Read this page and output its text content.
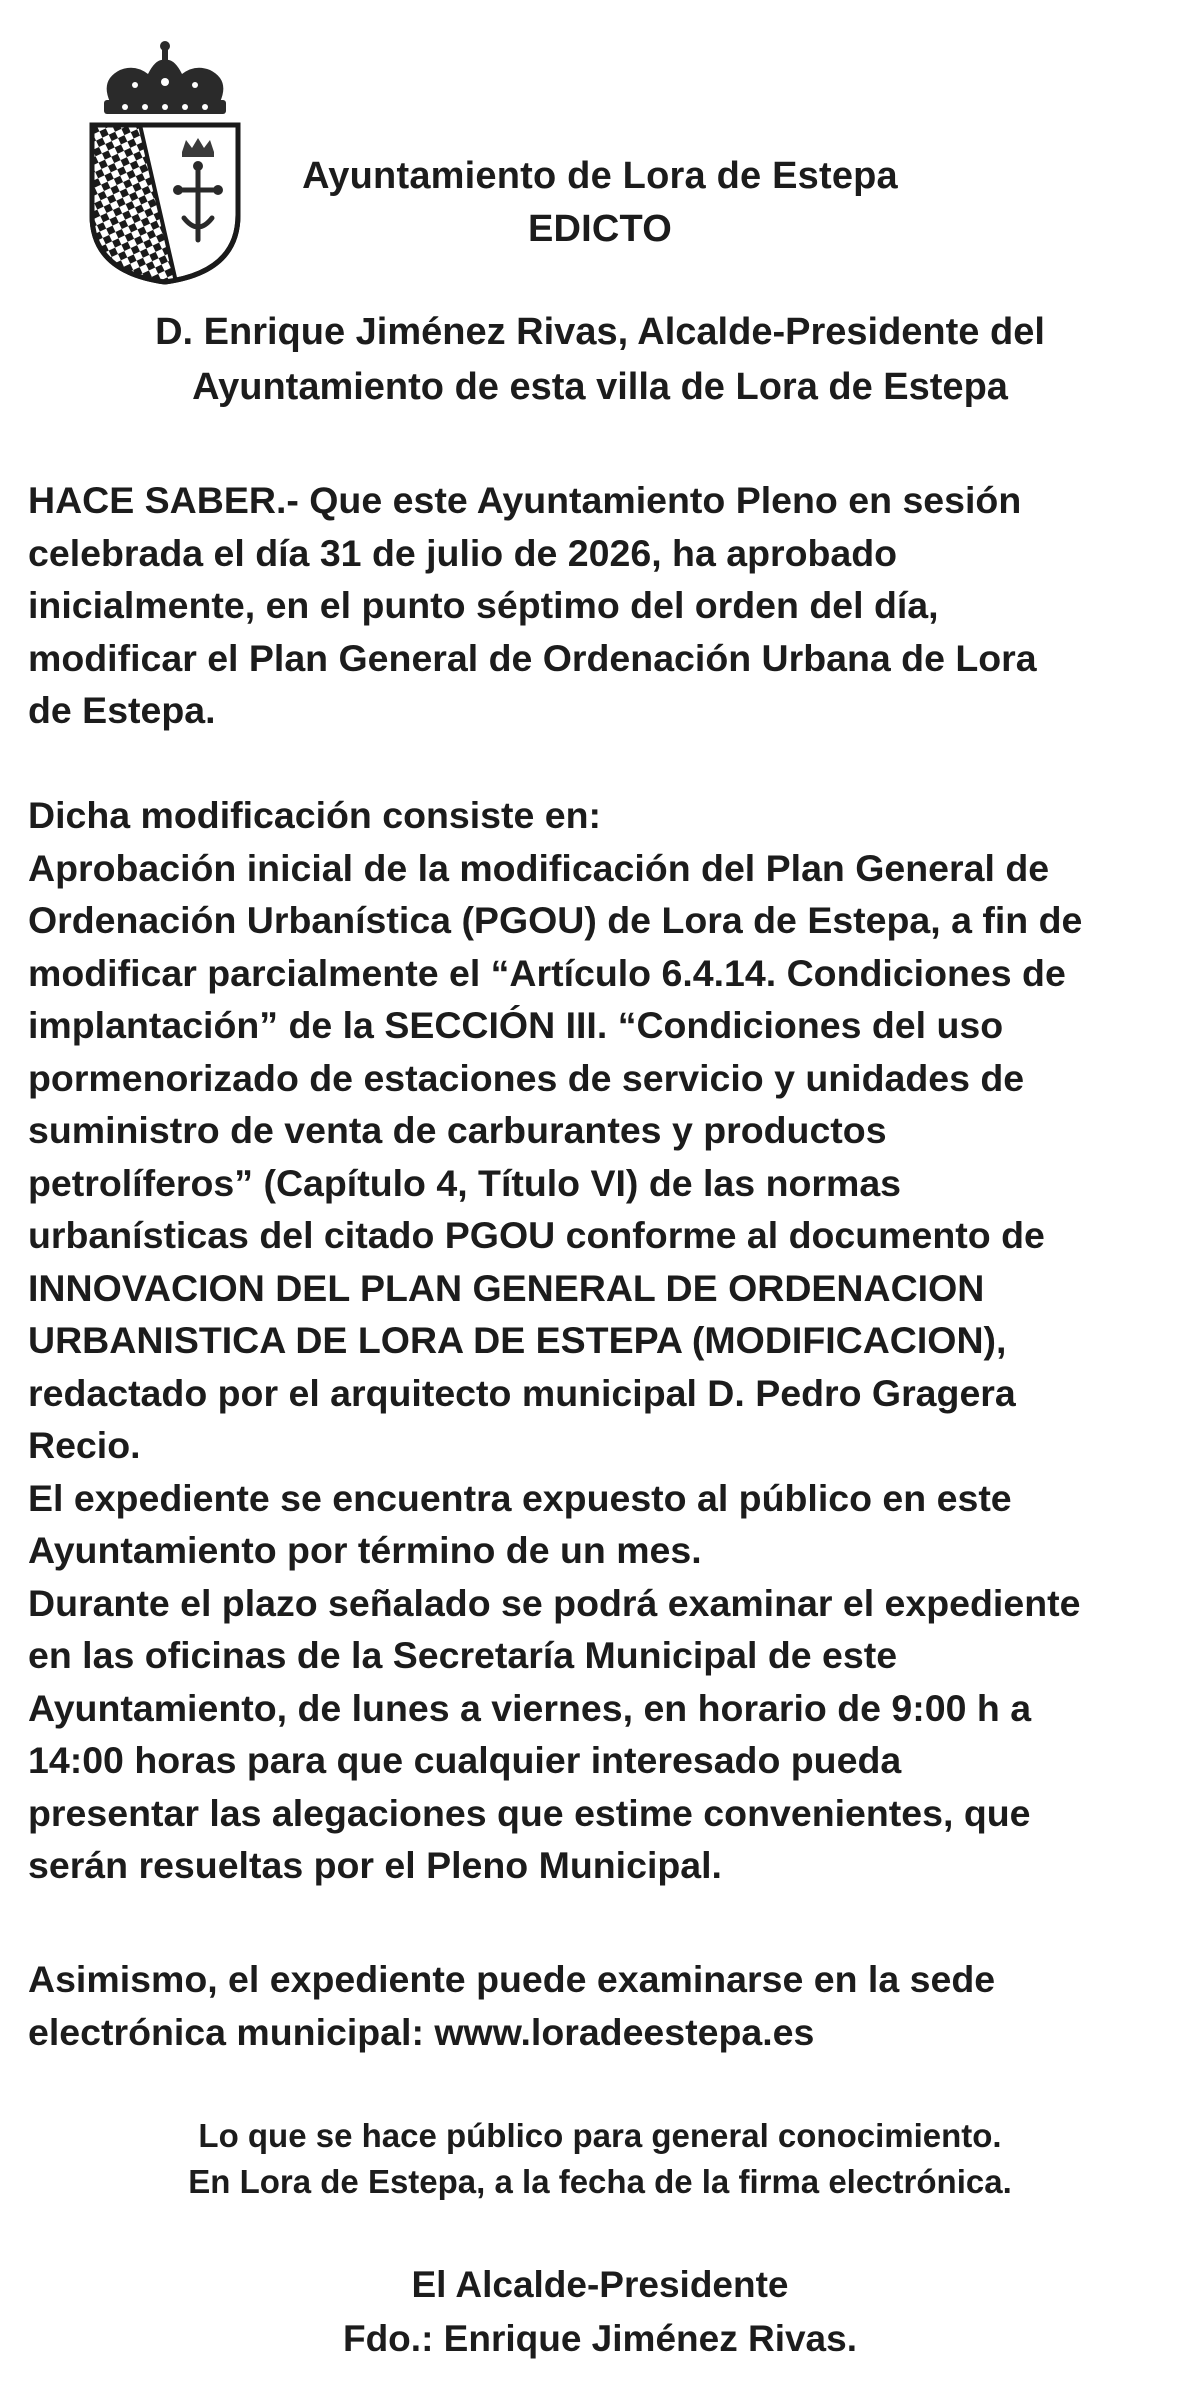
Ayuntamiento de Lora de Estepa
EDICTO
D. Enrique Jiménez Rivas, Alcalde-Presidente del
Ayuntamiento de esta villa de Lora de Estepa
HACE SABER.- Que este Ayuntamiento Pleno en sesión
celebrada el día 31 de julio de 2026, ha aprobado
inicialmente, en el punto séptimo del orden del día,
modificar el Plan General de Ordenación Urbana de Lora
de Estepa.
Dicha modificación consiste en:
Aprobación inicial de la modificación del Plan General de
Ordenación Urbanística (PGOU) de Lora de Estepa, a fin de
modificar parcialmente el “Artículo 6.4.14. Condiciones de
implantación” de la SECCIÓN III. “Condiciones del uso
pormenorizado de estaciones de servicio y unidades de
suministro de venta de carburantes y productos
petrolíferos” (Capítulo 4, Título VI) de las normas
urbanísticas del citado PGOU conforme al documento de
INNOVACION DEL PLAN GENERAL DE ORDENACION
URBANISTICA DE LORA DE ESTEPA (MODIFICACION),
redactado por el arquitecto municipal D. Pedro Gragera
Recio.
El expediente se encuentra expuesto al público en este
Ayuntamiento por término de un mes.
Durante el plazo señalado se podrá examinar el expediente
en las oficinas de la Secretaría Municipal de este
Ayuntamiento, de lunes a viernes, en horario de 9:00 h a
14:00 horas para que cualquier interesado pueda
presentar las alegaciones que estime convenientes, que
serán resueltas por el Pleno Municipal.
Asimismo, el expediente puede examinarse en la sede
electrónica municipal: www.loradeestepa.es
Lo que se hace público para general conocimiento.
En Lora de Estepa, a la fecha de la firma electrónica.
El Alcalde-Presidente
Fdo.: Enrique Jiménez Rivas.
